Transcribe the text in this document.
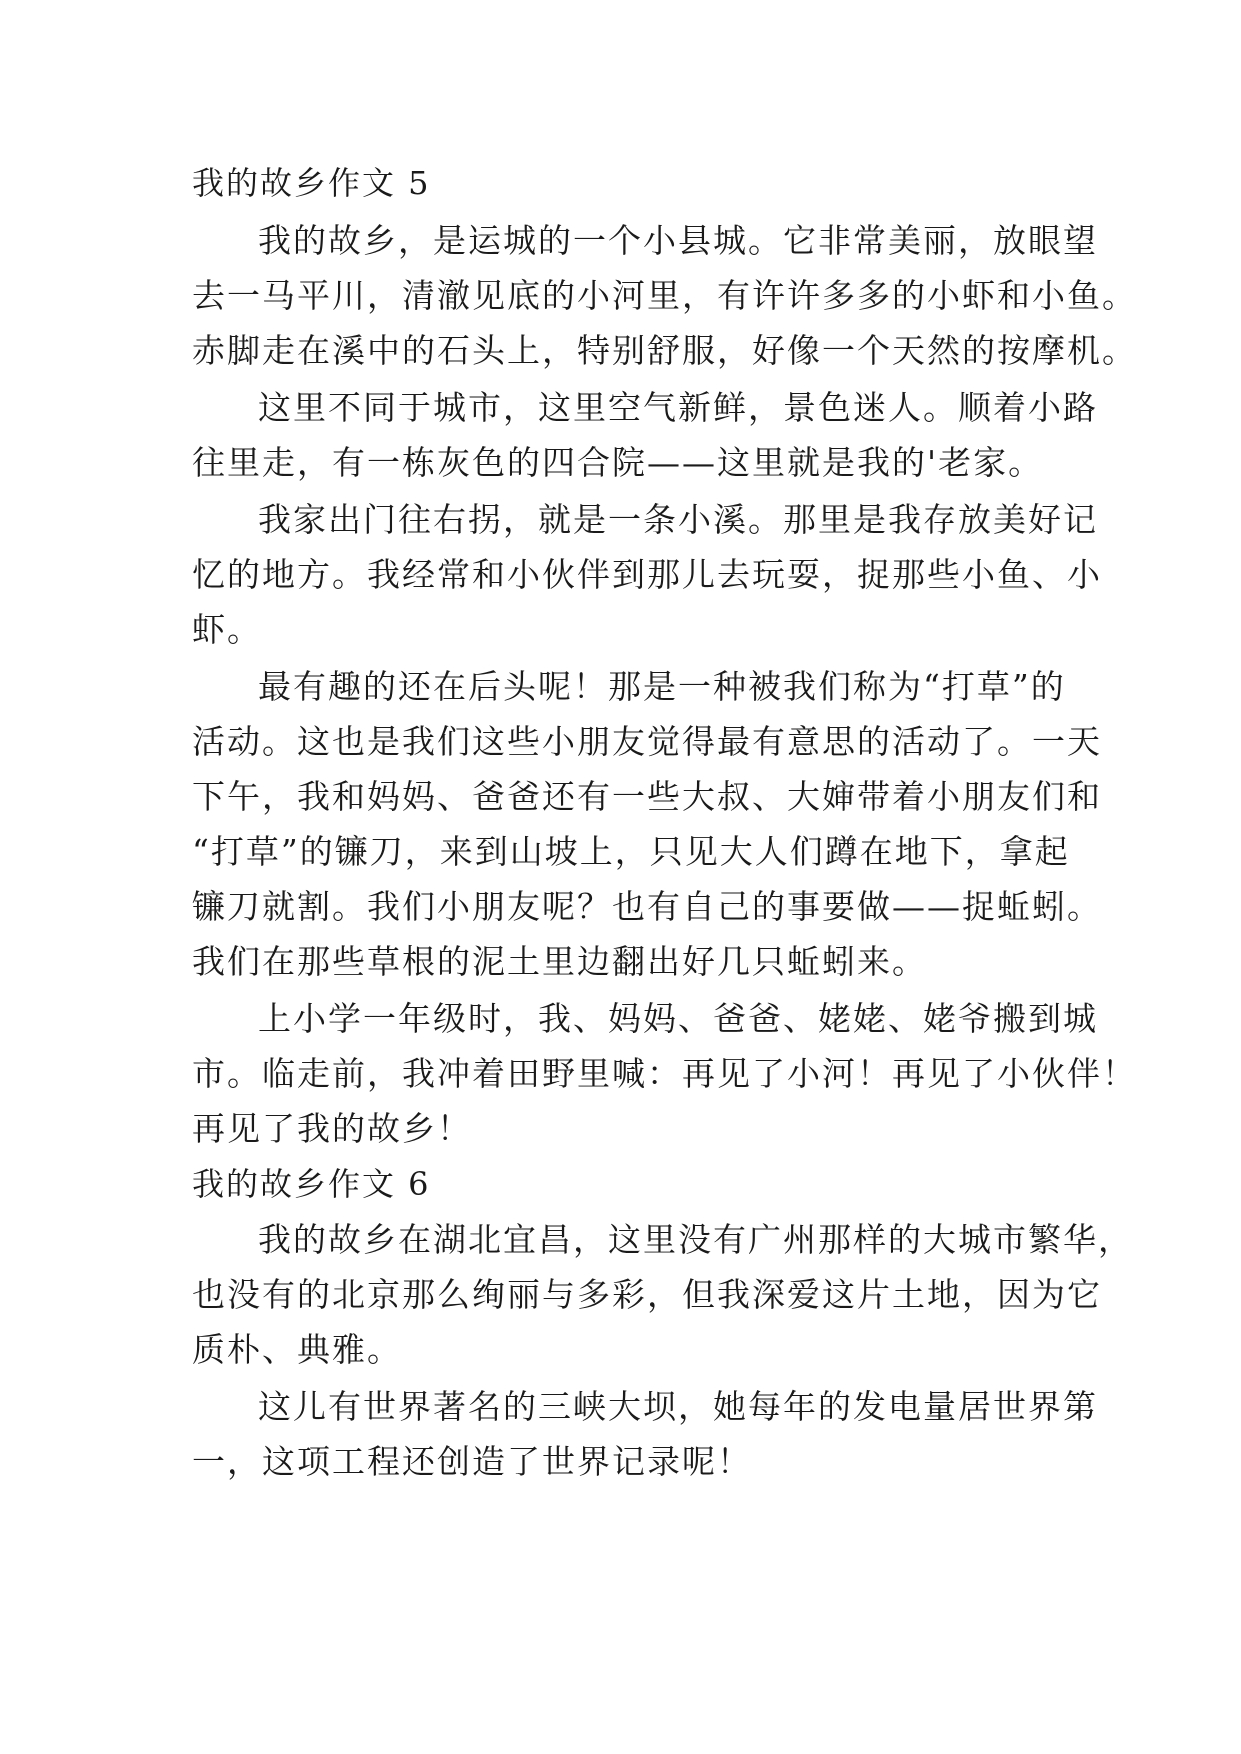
我的故乡作文 5
我的故乡，是运城的一个小县城。它非常美丽，放眼望
去一马平川，清澈见底的小河里，有许许多多的小虾和小鱼。
赤脚走在溪中的石头上，特别舒服，好像一个天然的按摩机。
这里不同于城市，这里空气新鲜，景色迷人。顺着小路
往里走，有一栋灰色的四合院——这里就是我的'老家。
我家出门往右拐，就是一条小溪。那里是我存放美好记
忆的地方。我经常和小伙伴到那儿去玩耍，捉那些小鱼、小
虾。
最有趣的还在后头呢！那是一种被我们称为“打草”的
活动。这也是我们这些小朋友觉得最有意思的活动了。一天
下午，我和妈妈、爸爸还有一些大叔、大婶带着小朋友们和
“打草”的镰刀，来到山坡上，只见大人们蹲在地下，拿起
镰刀就割。我们小朋友呢？也有自己的事要做——捉蚯蚓。
我们在那些草根的泥土里边翻出好几只蚯蚓来。
上小学一年级时，我、妈妈、爸爸、姥姥、姥爷搬到城
市。临走前，我冲着田野里喊：再见了小河！再见了小伙伴！
再见了我的故乡！
我的故乡作文 6
我的故乡在湖北宜昌，这里没有广州那样的大城市繁华，
也没有的北京那么绚丽与多彩，但我深爱这片土地，因为它
质朴、典雅。
这儿有世界著名的三峡大坝，她每年的发电量居世界第
一，这项工程还创造了世界记录呢！
